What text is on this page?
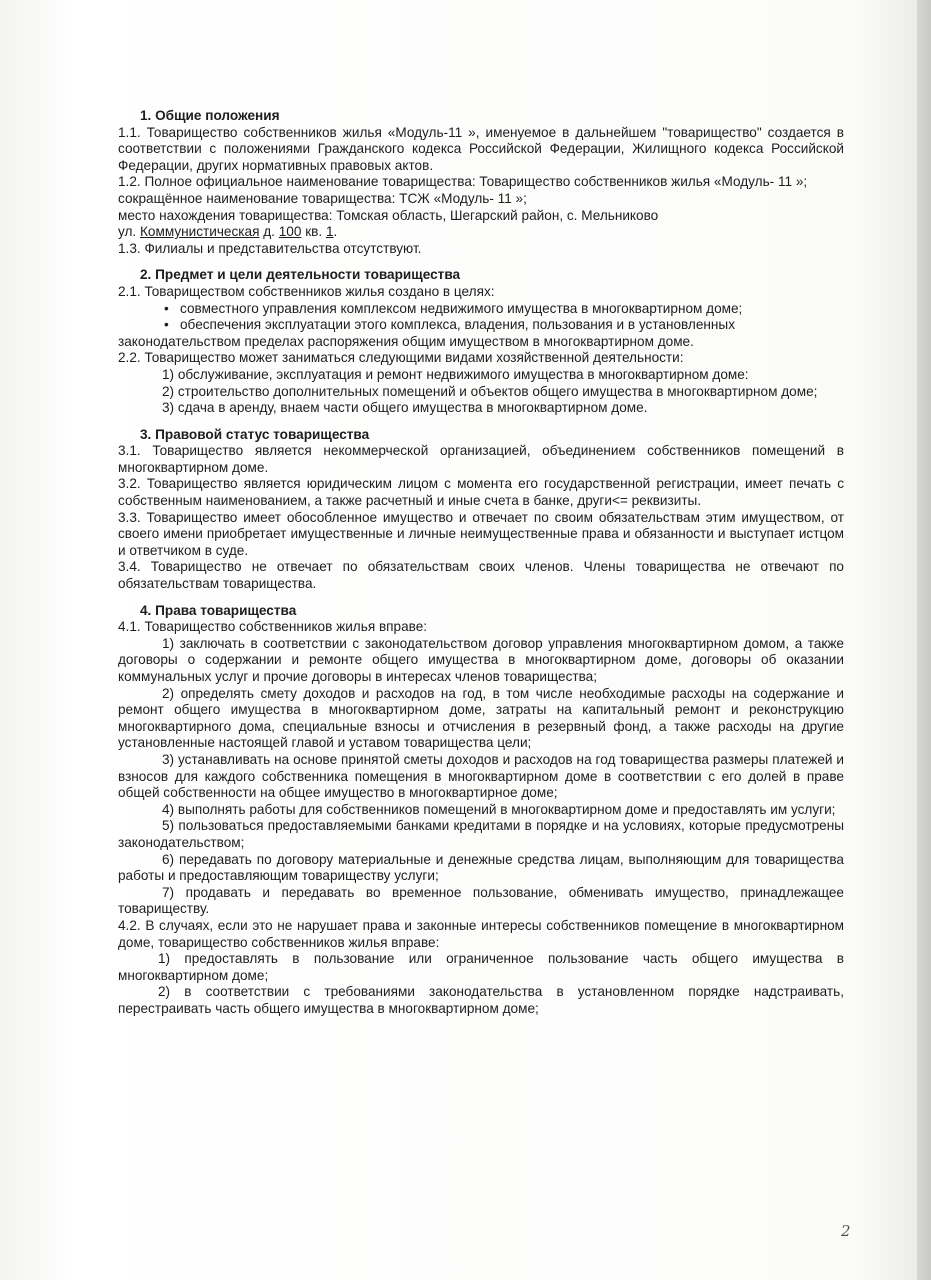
1. Общие положения

1.1. Товарищество собственников жилья «Модуль-11 », именуемое в дальнейшем "товарищество" создается в соответствии с положениями Гражданского кодекса Российской Федерации, Жилищного кодекса Российской Федерации, других нормативных правовых актов.

1.2. Полное официальное наименование товарищества: Товарищество собственников жилья «Модуль- 11 »;

сокращённое наименование товарищества: ТСЖ «Модуль- 11 »;

место нахождения товарищества: Томская область, Шегарский район, с. Мельниково

ул. Коммунистическая д. 100 кв. 1.

1.3. Филиалы и представительства отсутствуют.

2. Предмет и цели деятельности товарищества

2.1. Товариществом собственников жилья создано в целях:

• совместного управления комплексом недвижимого имущества в многоквартирном доме;
• обеспечения эксплуатации этого комплекса, владения, пользования и в установленных

законодательством пределах распоряжения общим имуществом в многоквартирном доме.

2.2. Товарищество может заниматься следующими видами хозяйственной деятельности:

1) обслуживание, эксплуатация и ремонт недвижимого имущества в многоквартирном доме:

2) строительство дополнительных помещений и объектов общего имущества в многоквартирном доме;

3) сдача в аренду, внаем части общего имущества в многоквартирном доме.

3. Правовой статус товарищества

3.1. Товарищество является некоммерческой организацией, объединением собственников помещений в многоквартирном доме.

3.2. Товарищество является юридическим лицом с момента его государственной регистрации, имеет печать с собственным наименованием, а также расчетный и иные счета в банке, други<= реквизиты.

3.3. Товарищество имеет обособленное имущество и отвечает по своим обязательствам этим имуществом, от своего имени приобретает имущественные и личные неимущественные права и обязанности и выступает истцом и ответчиком в суде.

3.4. Товарищество не отвечает по обязательствам своих членов. Члены товарищества не отвечают по обязательствам товарищества.

4. Права товарищества

4.1. Товарищество собственников жилья вправе:

1) заключать в соответствии с законодательством договор управления многоквартирном домом, а также договоры о содержании и ремонте общего имущества в многоквартирном доме, договоры об оказании коммунальных услуг и прочие договоры в интересах членов товарищества;

2) определять смету доходов и расходов на год, в том числе необходимые расходы на содержание и ремонт общего имущества в многоквартирном доме, затраты на капитальный ремонт и реконструкцию многоквартирного дома, специальные взносы и отчисления в резервный фонд, а также расходы на другие установленные настоящей главой и уставом товарищества цели;

3) устанавливать на основе принятой сметы доходов и расходов на год товарищества размеры платежей и взносов для каждого собственника помещения в многоквартирном доме в соответствии с его долей в праве общей собственности на общее имущество в многоквартирное доме;

4) выполнять работы для собственников помещений в многоквартирном доме и предоставлять им услуги;

5) пользоваться предоставляемыми банками кредитами в порядке и на условиях, которые предусмотрены законодательством;

6) передавать по договору материальные и денежные средства лицам, выполняющим для товарищества работы и предоставляющим товариществу услуги;

7) продавать и передавать во временное пользование, обменивать имущество, принадлежащее товариществу.

4.2. В случаях, если это не нарушает права и законные интересы собственников помещение в многоквартирном доме, товарищество собственников жилья вправе:

1) предоставлять в пользование или ограниченное пользование часть общего имущества в многоквартирном доме;

2) в соответствии с требованиями законодательства в установленном порядке надстраивать, перестраивать часть общего имущества в многоквартирном доме;

2
